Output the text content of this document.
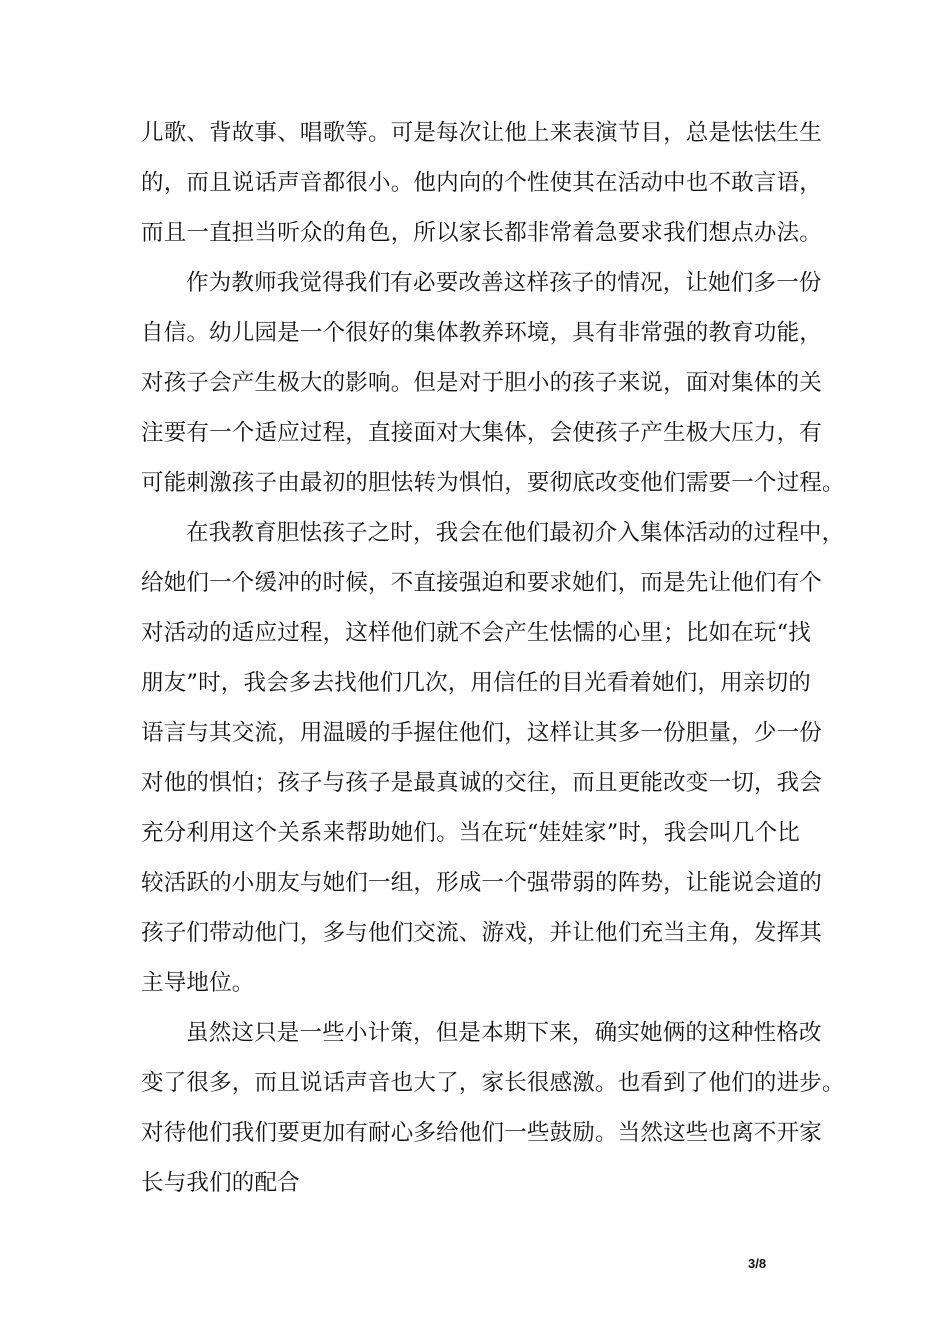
儿歌、背故事、唱歌等。可是每次让他上来表演节目，总是怯怯生生
的，而且说话声音都很小。他内向的个性使其在活动中也不敢言语，
而且一直担当听众的角色，所以家长都非常着急要求我们想点办法。
作为教师我觉得我们有必要改善这样孩子的情况，让她们多一份
自信。幼儿园是一个很好的集体教养环境，具有非常强的教育功能，
对孩子会产生极大的影响。但是对于胆小的孩子来说，面对集体的关
注要有一个适应过程，直接面对大集体，会使孩子产生极大压力，有
可能刺激孩子由最初的胆怯转为惧怕，要彻底改变他们需要一个过程。
在我教育胆怯孩子之时，我会在他们最初介入集体活动的过程中，
给她们一个缓冲的时候，不直接强迫和要求她们，而是先让他们有个
对活动的适应过程，这样他们就不会产生怯懦的心里；比如在玩“找
朋友”时，我会多去找他们几次，用信任的目光看着她们，用亲切的
语言与其交流，用温暖的手握住他们，这样让其多一份胆量，少一份
对他的惧怕；孩子与孩子是最真诚的交往，而且更能改变一切，我会
充分利用这个关系来帮助她们。当在玩“娃娃家”时，我会叫几个比
较活跃的小朋友与她们一组，形成一个强带弱的阵势，让能说会道的
孩子们带动他门，多与他们交流、游戏，并让他们充当主角，发挥其
主导地位。
虽然这只是一些小计策，但是本期下来，确实她俩的这种性格改
变了很多，而且说话声音也大了，家长很感激。也看到了他们的进步。
对待他们我们要更加有耐心多给他们一些鼓励。当然这些也离不开家
长与我们的配合
3/8
